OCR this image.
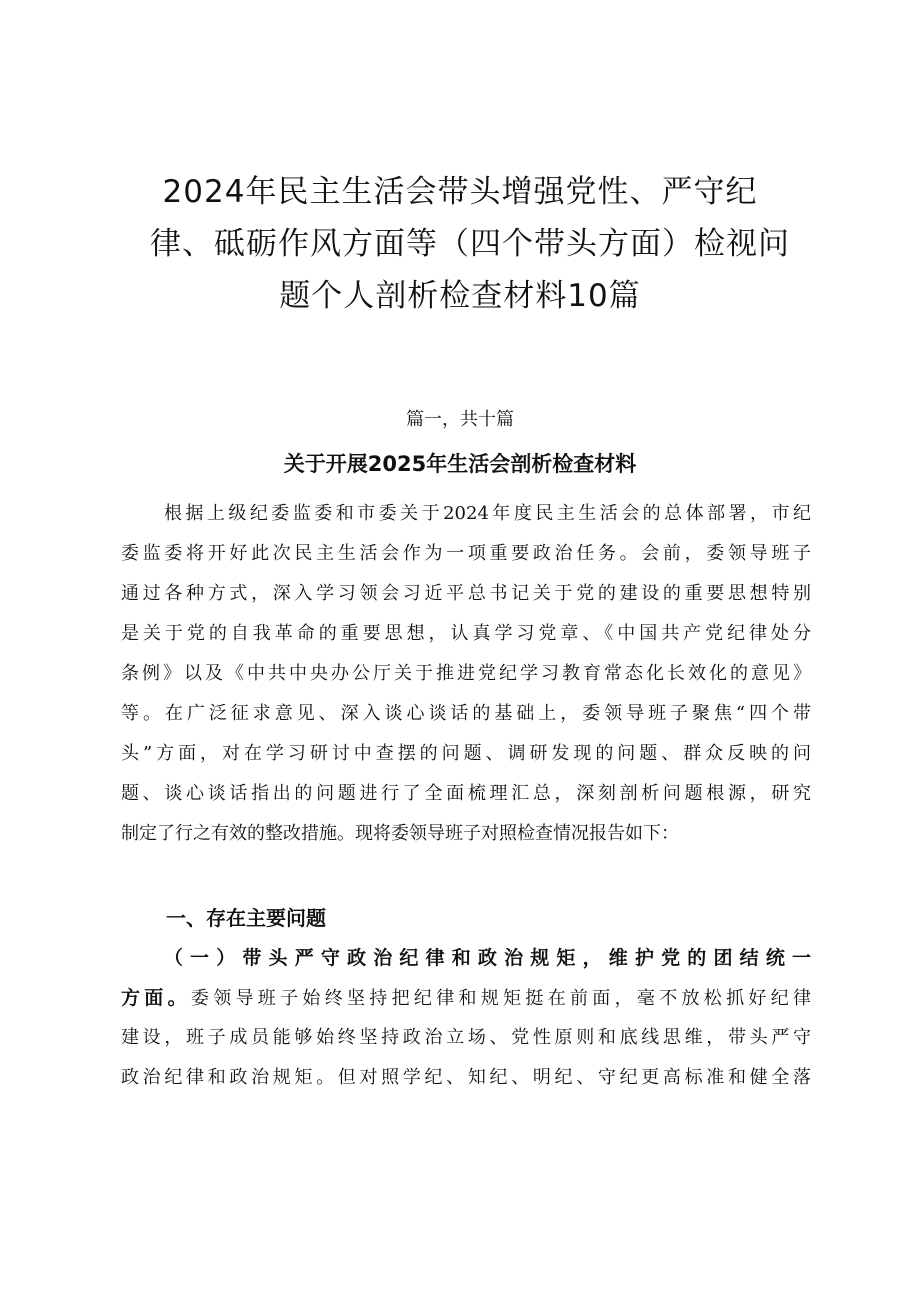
2024年民主生活会带头增强党性、严守纪
律、砥砺作风方面等（四个带头方面）检视问
题个人剖析检查材料10篇
篇一，共十篇
关于开展2025年生活会剖析检查材料
　　根据上级纪委监委和市委关于2024年度民主生活会的总体部署，市纪
委监委将开好此次民主生活会作为一项重要政治任务。会前，委领导班子
通过各种方式，深入学习领会习近平总书记关于党的建设的重要思想特别
是关于党的自我革命的重要思想，认真学习党章、《中国共产党纪律处分
条例》以及《中共中央办公厅关于推进党纪学习教育常态化长效化的意见》
等。在广泛征求意见、深入谈心谈话的基础上，委领导班子聚焦“四个带
头”方面，对在学习研讨中查摆的问题、调研发现的问题、群众反映的问
题、谈心谈话指出的问题进行了全面梳理汇总，深刻剖析问题根源，研究
制定了行之有效的整改措施。现将委领导班子对照检查情况报告如下：
一、存在主要问题
　　（一）带头严守政治纪律和政治规矩，维护党的团结统一
方面。委领导班子始终坚持把纪律和规矩挺在前面，毫不放松抓好纪律
建设，班子成员能够始终坚持政治立场、党性原则和底线思维，带头严守
政治纪律和政治规矩。但对照学纪、知纪、明纪、守纪更高标准和健全落
